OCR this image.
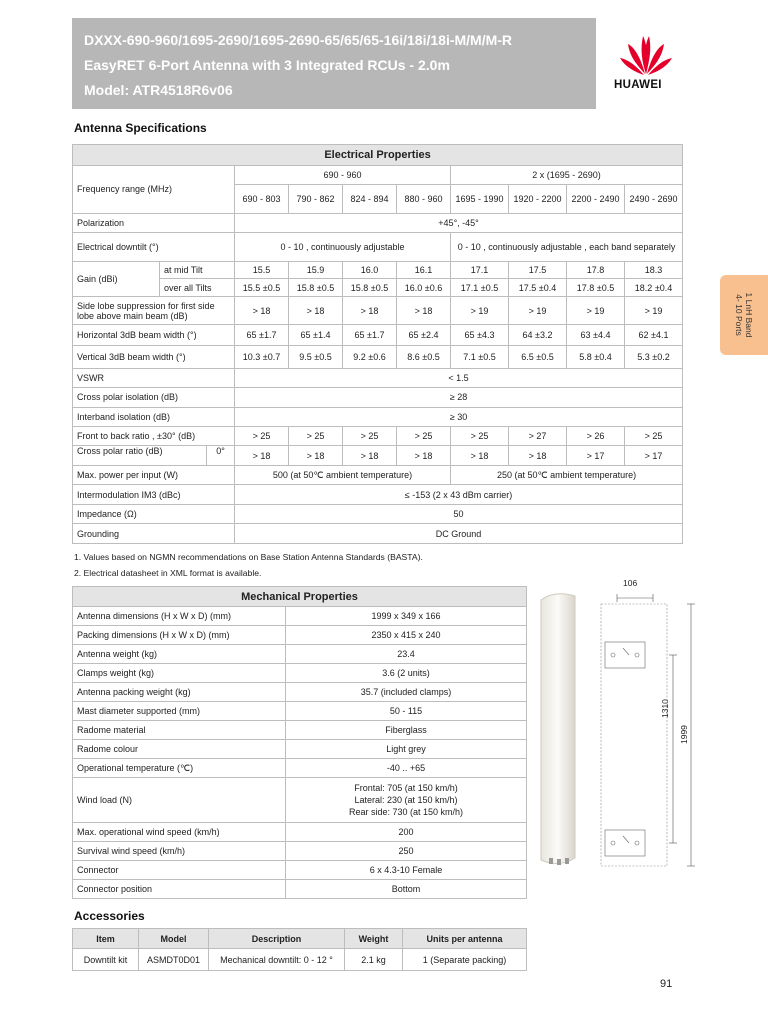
DXXX-690-960/1695-2690/1695-2690-65/65/65-16i/18i/18i-M/M/M-R
EasyRET 6-Port Antenna with 3 Integrated RCUs - 2.0m
Model: ATR4518R6v06	HUAWEI
1 LnH Band
4- 10 Ports
Antenna Specifications
Electrical Properties									
Frequency range (MHz)		690 - 960				2 x (1695 - 2690)			
		690 - 803	790 - 862	824 - 894	880 - 960	1695 - 1990	1920 - 2200	2200 - 2490	2490 - 2690
Polarization		+45°, -45°							
Electrical downtilt (°)		0 - 10 , continuously adjustable				0 - 10 , continuously adjustable , each band separately			
Gain (dBi)	at mid Tilt	15.5	15.9	16.0	16.1	17.1	17.5	17.8	18.3
	over all Tilts	15.5 ±0.5	15.8 ±0.5	15.8 ±0.5	16.0 ±0.6	17.1 ±0.5	17.5 ±0.4	17.8 ±0.5	18.2 ±0.4
Side lobe suppression for first side lobe above main beam (dB)		> 18	> 18	> 18	> 18	> 19	> 19	> 19	> 19
Horizontal 3dB beam width (°)		65 ±1.7	65 ±1.4	65 ±1.7	65 ±2.4	65 ±4.3	64 ±3.2	63 ±4.4	62 ±4.1
Vertical 3dB beam width (°)		10.3 ±0.7	9.5 ±0.5	9.2 ±0.6	8.6 ±0.5	7.1 ±0.5	6.5 ±0.5	5.8 ±0.4	5.3 ±0.2
VSWR		< 1.5							
Cross polar isolation (dB)		≥ 28							
Interband isolation (dB)		≥ 30							
Front to back ratio , ±30° (dB)		> 25	> 25	> 25	> 25	> 25	> 27	> 26	> 25

Cross polar ratio (dB) 0°		> 18	> 18	> 18	> 18	> 18	> 18	> 17	> 17
Max. power per input (W)		500 (at 50℃ ambient temperature)				250 (at 50℃ ambient temperature)			
Intermodulation IM3 (dBc)		≤ -153 (2 x 43 dBm carrier)							
Impedance (Ω)		50							
Grounding		DC Ground							
1. Values based on NGMN recommendations on Base Station Antenna Standards (BASTA).
2. Electrical datasheet in XML format is available.
Mechanical Properties	
Antenna dimensions (H x W x D) (mm)	1999 x 349 x 166
Packing dimensions (H x W x D) (mm)	2350 x 415 x 240
Antenna weight (kg)	23.4
Clamps weight (kg)	3.6 (2 units)
Antenna packing weight (kg)	35.7 (included clamps)
Mast diameter supported (mm)	50 - 115
Radome material	Fiberglass
Radome colour	Light grey
Operational temperature (℃)	-40 .. +65
Wind load (N)	Frontal: 705 (at 150 km/h)
Lateral: 230 (at 150 km/h)
Rear side: 730 (at 150 km/h)

Max. operational wind speed (km/h)	200
Survival wind speed (km/h)	250
Connector	6 x 4.3-10 Female
Connector position	Bottom
106
1310
1999
Accessories
Item	Model	Description	Weight	Units per antenna
Downtilt kit	ASMDT0D01	Mechanical downtilt: 0 - 12 °	2.1 kg	1 (Separate packing)
91
